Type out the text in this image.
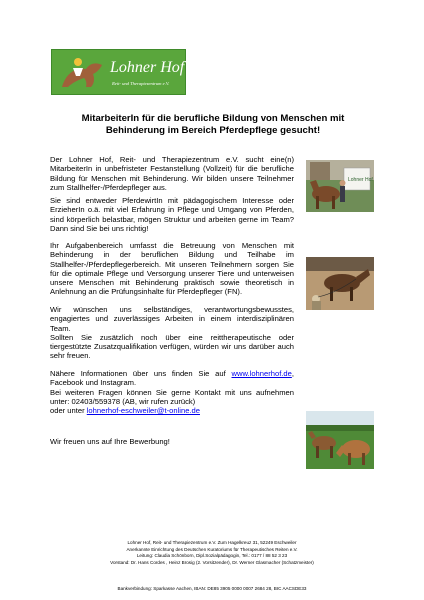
Lohner Hof
Reit- und Therapiezentrum e.V.
MitarbeiterIn für die berufliche Bildung von Menschen mit
Behinderung im Bereich Pferdepflege gesucht!
Der Lohner Hof, Reit- und Therapiezentrum e.V. sucht eine(n) MitarbeiterIn in unbefristeter Festanstellung (Vollzeit) für die berufliche Bildung für Menschen mit Behinderung. Wir bilden unsere Teilnehmer zum Stallhelfer-/Pferdepfleger aus.
Sie sind entweder PferdewirtIn mit pädagogischem Interesse oder ErzieherIn o.ä. mit viel Erfahrung in Pflege und Umgang von Pferden, sind körperlich belastbar, mögen Struktur und arbeiten gerne im Team? Dann sind Sie bei uns richtig!
Ihr Aufgabenbereich umfasst die Betreuung von Menschen mit Behinderung in der beruflichen Bildung und Teilhabe im Stallhelfer-/Pferdepflegerbereich. Mit unseren Teilnehmern sorgen Sie für die optimale Pflege und Versorgung unserer Tiere und unterweisen unsere Menschen mit Behinderung praktisch sowie theoretisch in Anlehnung an die Prüfungsinhalte für Pferdepfleger (FN).

Wir wünschen uns selbständiges, verantwortungsbewusstes, engagiertes und zuverlässiges Arbeiten in einem interdisziplinären Team.

Sollten Sie zusätzlich noch über eine reittherapeutische oder tiergestützte Zusatzqualifikation verfügen, würden wir uns darüber auch sehr freuen.

Nähere Informationen über uns finden Sie auf www.lohnerhof.de, Facebook und Instagram.

Bei weiteren Fragen können Sie gerne Kontakt mit uns aufnehmen unter: 02403/559378 (AB, wir rufen zurück)

oder unter lohnerhof-eschweiler@t-online.de

Wir freuen uns auf Ihre Bewerbung!
Lohner Hof
Lohner Hof, Reit- und Therapiezentrum e.V. Zum Hagelkreuz 31, 52249 Eschweiler
Anerkannte Einrichtung des Deutschen Kuratoriums für Therapeutisches Reiten e.V.
Leitung: Claudia Schönborn, Dipl.Sozialpädagogin, Tel.: 0177 / 88 52 3 23
Vorstand: Dr. Hans Cordes , Heinz Brosig (2. Vorsitzender), Dr. Werner Glasmacher (Schatzmeister)
Bankverbindung: Sparkasse Aachen, IBAN: DE85 3905 0000 0007 2684 28, BIC AACSDE33
